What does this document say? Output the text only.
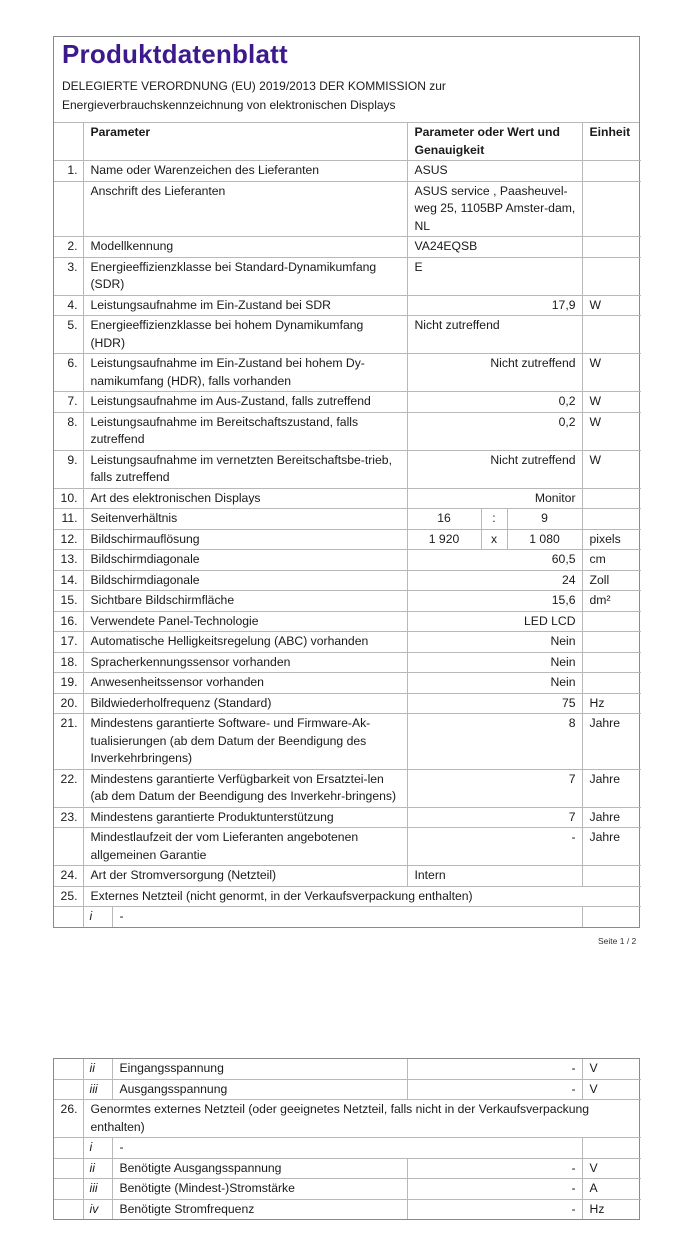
Produktdatenblatt
DELEGIERTE VERORDNUNG (EU) 2019/2013 DER KOMMISSION zur
Energieverbrauchskennzeichnung von elektronischen Displays
	Parameter		Parameter oder Wert und
Genauigkeit			Einheit
1.	Name oder Warenzeichen des Lieferanten		ASUS			
	Anschrift des Lieferanten		ASUS service , Paasheuvel-weg 25, 1105BP Amster-dam, NL			
2.	Modellkennung		VA24EQSB			
3.	Energieeffizienzklasse bei Standard-Dynamikumfang (SDR)		E			
4.	Leistungsaufnahme im Ein-Zustand bei SDR		17,9			W
5.	Energieeffizienzklasse bei hohem Dynamikumfang (HDR)		Nicht zutreffend			
6.	Leistungsaufnahme im Ein-Zustand bei hohem Dy-namikumfang (HDR), falls vorhanden		Nicht zutreffend			W
7.	Leistungsaufnahme im Aus-Zustand, falls zutreffend		0,2			W
8.	Leistungsaufnahme im Bereitschaftszustand, falls zutreffend		0,2			W
9.	Leistungsaufnahme im vernetzten Bereitschaftsbe-trieb, falls zutreffend		Nicht zutreffend			W
10.	Art des elektronischen Displays		Monitor			
11.	Seitenverhältnis		16	:	9	
12.	Bildschirmauflösung		1 920	x	1 080	pixels
13.	Bildschirmdiagonale		60,5			cm
14.	Bildschirmdiagonale		24			Zoll
15.	Sichtbare Bildschirmfläche		15,6			dm²
16.	Verwendete Panel-Technologie		LED LCD			
17.	Automatische Helligkeitsregelung (ABC) vorhanden		Nein			
18.	Spracherkennungssensor vorhanden		Nein			
19.	Anwesenheitssensor vorhanden		Nein			
20.	Bildwiederholfrequenz (Standard)		75			Hz
21.	Mindestens garantierte Software- und Firmware-Ak-tualisierungen (ab dem Datum der Beendigung des Inverkehrbringens)		8			Jahre
22.	Mindestens garantierte Verfügbarkeit von Ersatztei-len (ab dem Datum der Beendigung des Inverkehr-bringens)		7			Jahre
23.	Mindestens garantierte Produktunterstützung		7			Jahre
	Mindestlaufzeit der vom Lieferanten angebotenen allgemeinen Garantie		-			Jahre
24.	Art der Stromversorgung (Netzteil)		Intern			
25.	Externes Netzteil (nicht genormt, in der Verkaufsverpackung enthalten)					
	i	-				
Seite 1 / 2
	ii	Eingangsspannung	-	V
	iii	Ausgangsspannung	-	V
26.	Genormtes externes Netzteil (oder geeignetes Netzteil, falls nicht in der Verkaufsverpackung enthalten)			
	i	-		
	ii	Benötigte Ausgangsspannung	-	V
	iii	Benötigte (Mindest-)Stromstärke	-	A
	iv	Benötigte Stromfrequenz	-	Hz
